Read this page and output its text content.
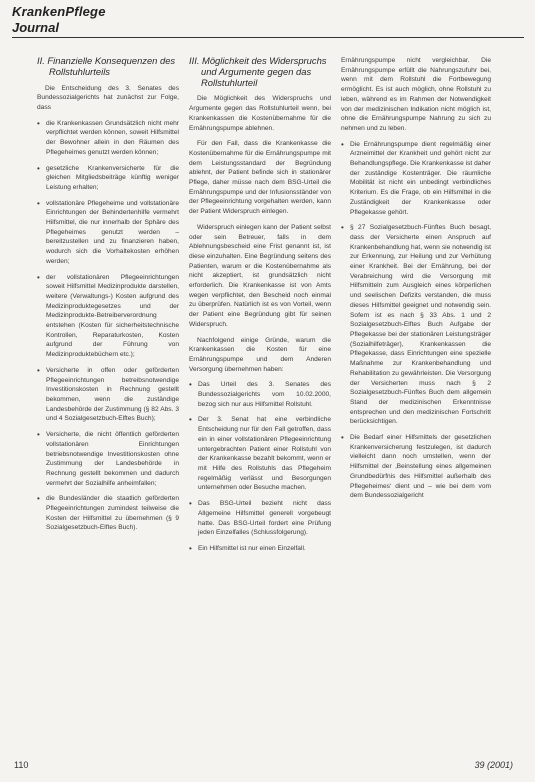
KrankenPflege
Journal
II. Finanzielle Konsequenzen des Rollstuhlurteils
Die Entscheidung des 3. Senates des Bundessozialgerichts hat zunächst zur Folge, dass
• die Krankenkassen Grundsätzlich nicht mehr verpflichtet werden können, soweit Hilfsmittel der Bewohner allein in den Räumen des Pflegeheimes genutzt werden können;
• gesetzliche Krankenversicherte für die gleichen Mitgliedsbeiträge künftig weniger Leistung erhalten;
• vollstationäre Pflegeheime und vollstationäre Einrichtungen der Behindertenhilfe vermehrt Hilfsmittel, die nur innerhalb der Sphäre des Pflegeheimes genutzt werden – bereitzustellen und zu finanzieren haben, wodurch sich die Vorhaltekosten erhöhen werden;
• der vollstationären Pflegeeinrichtungen soweit Hilfsmittel Medizinprodukte darstellen, weitere (Verwaltungs-) Kosten aufgrund des Medizinproduktegesetzes und der Medizinprodukte-Betreiberverordnung entstehen (Kosten für sicherheitstechnische Kontrollen, Reparaturkosten, Kosten aufgrund der Führung von Medizinproduktebüchern etc.);
• Versicherte in offen oder geförderten Pflegeeinrichtungen betreibsnotwendige Investitionskosten in Rechnung gestellt bekommen, wenn die zuständige Landesbehörde der Zustimmung (§ 82 Abs. 3 und 4 Sozialgesetzbuch-Elftes Buch);
• Versicherte, die nicht öffentlich geförderten vollstationären Einrichtungen betriebsnotwendige Investitionskosten ohne Zustimmung der Landesbehörde in Rechnung gestellt bekommen und dadurch vermehrt der Sozialhilfe anheimfallen;
• die Bundesländer die staatlich geförderten Pflegeeinrichtungen zumindest teilweise die Kosten der Hilfsmittel zu übernehmen (§ 9 Sozialgesetzbuch-Elftes Buch).
III. Möglichkeit des Widerspruchs und Argumente gegen das Rollstuhlurteil
Die Möglichkeit des Widerspruchs und Argumente gegen das Rollstuhlurteil wenn, bei Krankenkassen die Kostenübernahme für die Ernährungspumpe ablehnen.
Für den Fall, dass die Krankenkasse die Kostenübernahme für die Ernährungspumpe mit dem Leistungsstandard der Begründung ablehnt, der Patient befinde sich in stationärer Pflege, daher müsse nach dem BSG-Urteil die Ernährungspumpe und der Infusionsständer von der Pflegeeinrichtung vorgehalten werden, kann der Patient Widerspruch einlegen.
Widerspruch einlegen kann der Patient selbst oder sein Betreuer, falls in dem Ablehnungsbescheid eine Frist genannt ist, ist diese einzuhalten. Eine Begründung seitens des Patienten, warum er die Kostenübernahme als nicht akzeptiert, ist grundsätzlich nicht erforderlich. Die Krankenkasse ist von Amts wegen verpflichtet, den Bescheid noch einmal zu überprüfen. Natürlich ist es von Vorteil, wenn der Patient eine Begründung gibt für seinen Widerspruch.
Nachfolgend einige Gründe, warum die Krankenkassen die Kosten für eine Ernährungspumpe und dem Anderen Versorgung übernehmen haben:
• Das Urteil des 3. Senates des Bundessozialgerichts vom 10.02.2000, bezog sich nur aus Hilfsmittel Rollstuhl.
• Der 3. Senat hat eine verbindliche Entscheidung nur für den Fall getroffen, dass ein in einer vollstationären Pflegeeinrichtung untergebrachten Patient einer Rollstuhl von der Krankenkasse bezahlt bekommt, wenn er mit Hilfe des Rollstuhls das Pflegeheim regelmäßig verlässt und Besorgungen unternehmen oder Besuche machen.
• Das BSG-Urteil bezieht nicht dass Allgemeine Hilfsmittel generell vorgebeugt hatte. Das BSG-Urteil fordert eine Prüfung jeden Einzelfalles (Schlussfolgerung).
• Ein Hilfsmittel ist nur einen Einzelfall.
Ernährungspumpe nicht vergleichbar. Die Ernährungspumpe erfüllt die Nahrungszufuhr bei, wenn mit dem Rollstuhl die Fortbewegung ermöglicht. Es ist auch möglich, ohne Rollstuhl zu leben, während es im Rahmen der Notwendigkeit von der medizinischen Indikation nicht möglich ist, ohne die Ernährungspumpe Nahrung zu sich zu nehmen und zu leben.
• Die Ernährungspumpe dient regelmäßig einer Arzneimittel der Krankheit und gehört nicht zur Behandlungspflege. Die Krankenkasse ist daher der zuständige Kostenträger. Die räumliche Mobilität ist nicht ein unbedingt verbindliches Kriterium. Es die Frage, ob ein Hilfsmittel in die Zuständigkeit der Krankenkasse oder Pflegekasse gehört.
• § 27 Sozialgesetzbuch-Fünftes Buch besagt, dass der Versicherte einen Anspruch auf Krankenbehandlung hat, wenn sie notwendig ist zur Erkennung, zur Heilung und zur Verhütung einer Krankheit. Bei der Ernährung, bei der Verabreichung wird die Versorgung mit Hilfsmitteln zum Ausgleich eines körperlichen und seelischen Defizits verstanden, die muss dieses Hilfsmittel geeignet und notwendig sein. Sofern ist es nach § 33 Abs. 1 und 2 Sozialgesetzbuch-Elftes Buch Aufgabe der Pflegekasse bei der stationären Leistungsträger (Sozialhilfeträger), Krankenkassen die Pflegekasse, dass Einrichtungen eine spezielle Maßnahme zur Krankenbehandlung und Rehabilitation zu gewährleisten. Die Versorgung der Versicherten muss nach § 2 Sozialgesetzbuch-Fünftes Buch dem allgemein Stand der medizinischen Erkenntnisse entsprechen und den medizinischen Fortschritt berücksichtigen.
• Die Bedarf einer Hilfsmittels der gesetzlichen Krankenversicherung festzulegen, ist dadurch vielleicht dann noch umstellen, wenn der Hilfsmittel der ‚Beinstellung eines allgemeinen Grundbedürfnis des Hilfsmittel außerhalb des Pflegeheimes‘ dient und – wie bei dem vom dem Bundessozialgericht
110	39 (2001)
